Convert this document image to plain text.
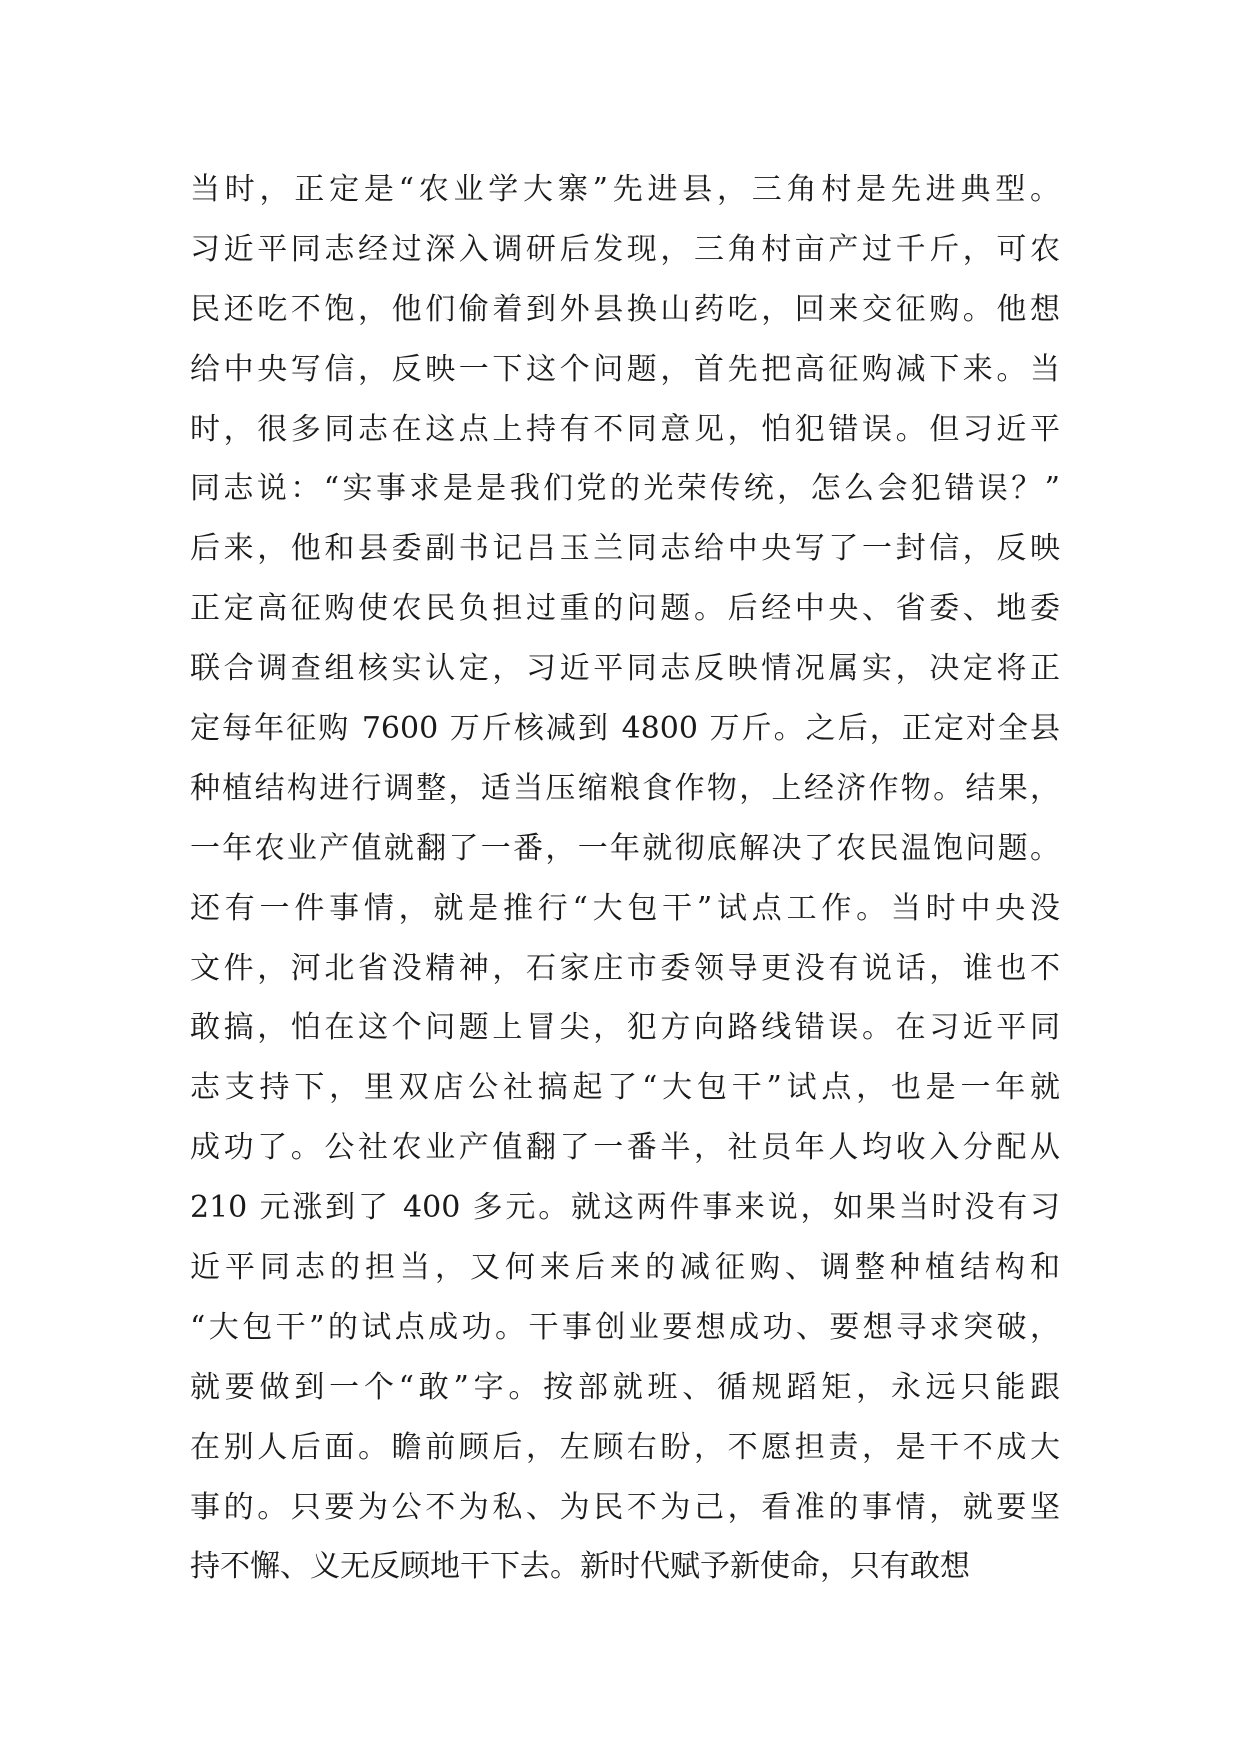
当时，正定是“农业学大寨”先进县，三角村是先进典型。
习近平同志经过深入调研后发现，三角村亩产过千斤，可农
民还吃不饱，他们偷着到外县换山药吃，回来交征购。他想
给中央写信，反映一下这个问题，首先把高征购减下来。当
时，很多同志在这点上持有不同意见，怕犯错误。但习近平
同志说：“实事求是是我们党的光荣传统，怎么会犯错误？”
后来，他和县委副书记吕玉兰同志给中央写了一封信，反映
正定高征购使农民负担过重的问题。后经中央、省委、地委
联合调查组核实认定，习近平同志反映情况属实，决定将正
定每年征购 7600 万斤核减到 4800 万斤。之后，正定对全县
种植结构进行调整，适当压缩粮食作物，上经济作物。结果，
一年农业产值就翻了一番，一年就彻底解决了农民温饱问题。
还有一件事情，就是推行“大包干”试点工作。当时中央没
文件，河北省没精神，石家庄市委领导更没有说话，谁也不
敢搞，怕在这个问题上冒尖，犯方向路线错误。在习近平同
志支持下，里双店公社搞起了“大包干”试点，也是一年就
成功了。公社农业产值翻了一番半，社员年人均收入分配从
210 元涨到了 400 多元。就这两件事来说，如果当时没有习
近平同志的担当，又何来后来的减征购、调整种植结构和
“大包干”的试点成功。干事创业要想成功、要想寻求突破，
就要做到一个“敢”字。按部就班、循规蹈矩，永远只能跟
在别人后面。瞻前顾后，左顾右盼，不愿担责，是干不成大
事的。只要为公不为私、为民不为己，看准的事情，就要坚
持不懈、义无反顾地干下去。新时代赋予新使命，只有敢想
